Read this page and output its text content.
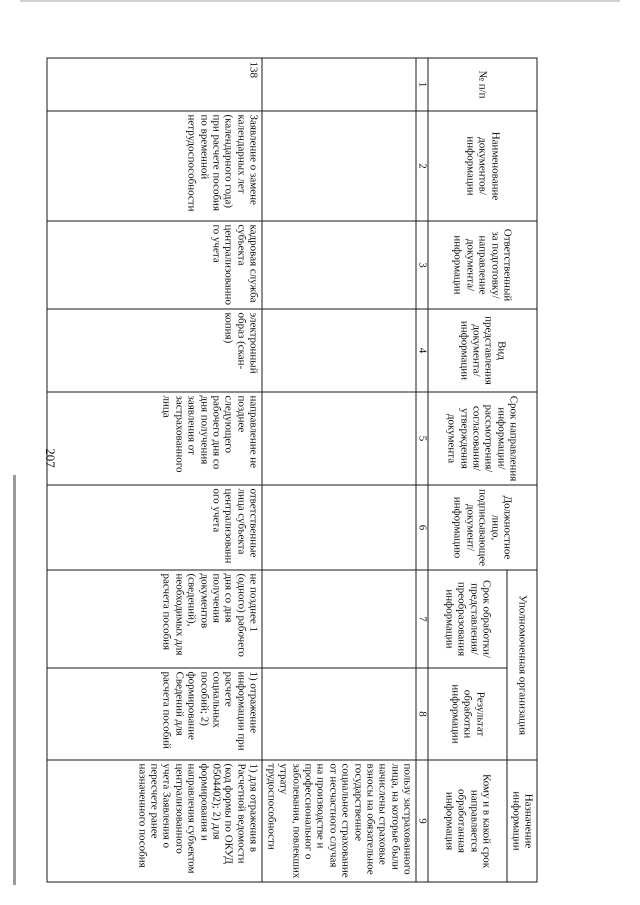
207
№ п/п	Наименование документов/ информации	Ответственный за подготовку/ направление документа/ информации	Вид представления документа/ информации	Срок направления информации/ рассмотрения/ согласования/ утверждения документа	Должностное лицо, подписывающее документ/ информацию	Уполномоченная организация		Назначение информации
						Срок обработки/ представления/ преобразования информации	Результат обработки информации	Кому и в какой срок направляется обработанная информация
1	2	3	4	5	6	7	8	9
								пользу застрахованного лица, на которые были начислены страховые взносы на обязательное государственное социальное страхование от несчастного случая на производстве и профессиональног о заболевания, повлекших утрату трудоспособности
138	Заявление о замене календарных лет (календарного года) при расчете пособия по временной нетрудоспособности	кадровая служба субъекта централизованного учета	электронный образ (скан-копия)	направление не позднее следующего рабочего дня со дня получения заявления от застрахованного лица	ответственные лица субъекта централизованного учета	не позднее 1 (одного) рабочего дня со дня получения документов (сведений), необходимых для расчета пособия	1) отражение информации при расчете социальных пособий; 2) формирование Сведений для расчета пособий	1) для отражения в Расчетной ведомости (код формы по ОКУД 0504402); 2) для формирования и направления субъектом централизованного учета Заявления о пересчете ранее назначенного пособия
